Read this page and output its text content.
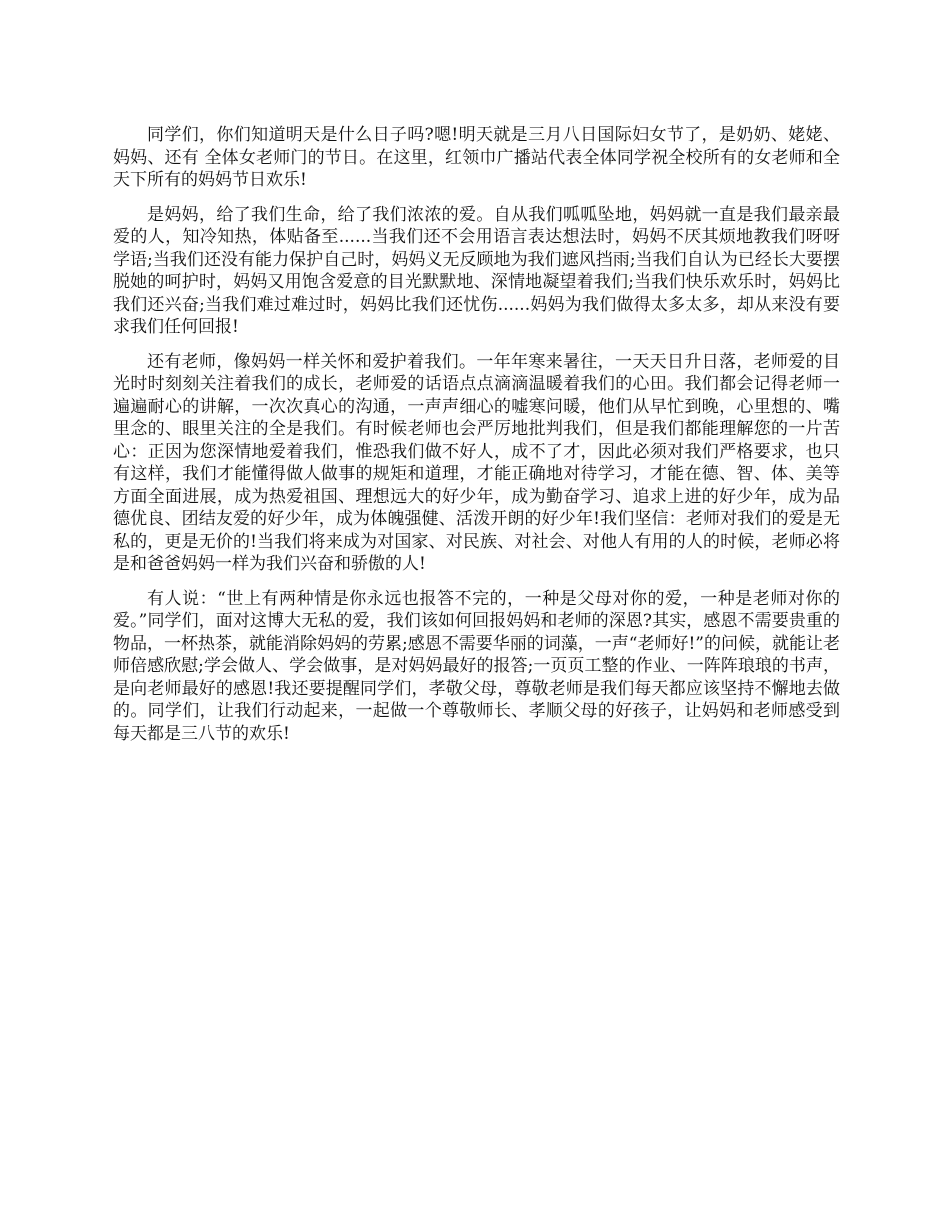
同学们，你们知道明天是什么日子吗?嗯!明天就是三月八日国际妇女节了，是奶奶、姥姥、妈妈、还有 全体女老师门的节日。在这里，红领巾广播站代表全体同学祝全校所有的女老师和全天下所有的妈妈节日欢乐!

是妈妈，给了我们生命，给了我们浓浓的爱。自从我们呱呱坠地，妈妈就一直是我们最亲最爱的人，知冷知热，体贴备至......当我们还不会用语言表达想法时，妈妈不厌其烦地教我们呀呀学语;当我们还没有能力保护自己时，妈妈义无反顾地为我们遮风挡雨;当我们自认为已经长大要摆脱她的呵护时，妈妈又用饱含爱意的目光默默地、深情地凝望着我们;当我们快乐欢乐时，妈妈比我们还兴奋;当我们难过难过时，妈妈比我们还忧伤......妈妈为我们做得太多太多，却从来没有要求我们任何回报!

还有老师，像妈妈一样关怀和爱护着我们。一年年寒来暑往，一天天日升日落，老师爱的目光时时刻刻关注着我们的成长，老师爱的话语点点滴滴温暖着我们的心田。我们都会记得老师一遍遍耐心的讲解，一次次真心的沟通，一声声细心的嘘寒问暖，他们从早忙到晚，心里想的、嘴里念的、眼里关注的全是我们。有时候老师也会严厉地批判我们，但是我们都能理解您的一片苦心：正因为您深情地爱着我们，惟恐我们做不好人，成不了才，因此必须对我们严格要求，也只有这样，我们才能懂得做人做事的规矩和道理，才能正确地对待学习，才能在德、智、体、美等方面全面进展，成为热爱祖国、理想远大的好少年，成为勤奋学习、追求上进的好少年，成为品德优良、团结友爱的好少年，成为体魄强健、活泼开朗的好少年!我们坚信：老师对我们的爱是无私的，更是无价的!当我们将来成为对国家、对民族、对社会、对他人有用的人的时候，老师必将是和爸爸妈妈一样为我们兴奋和骄傲的人!

有人说：“世上有两种情是你永远也报答不完的，一种是父母对你的爱，一种是老师对你的爱。”同学们，面对这博大无私的爱，我们该如何回报妈妈和老师的深恩?其实，感恩不需要贵重的物品，一杯热茶，就能消除妈妈的劳累;感恩不需要华丽的词藻，一声“老师好!”的问候，就能让老师倍感欣慰;学会做人、学会做事，是对妈妈最好的报答;一页页工整的作业、一阵阵琅琅的书声，是向老师最好的感恩!我还要提醒同学们，孝敬父母，尊敬老师是我们每天都应该坚持不懈地去做的。同学们，让我们行动起来，一起做一个尊敬师长、孝顺父母的好孩子，让妈妈和老师感受到每天都是三八节的欢乐!
